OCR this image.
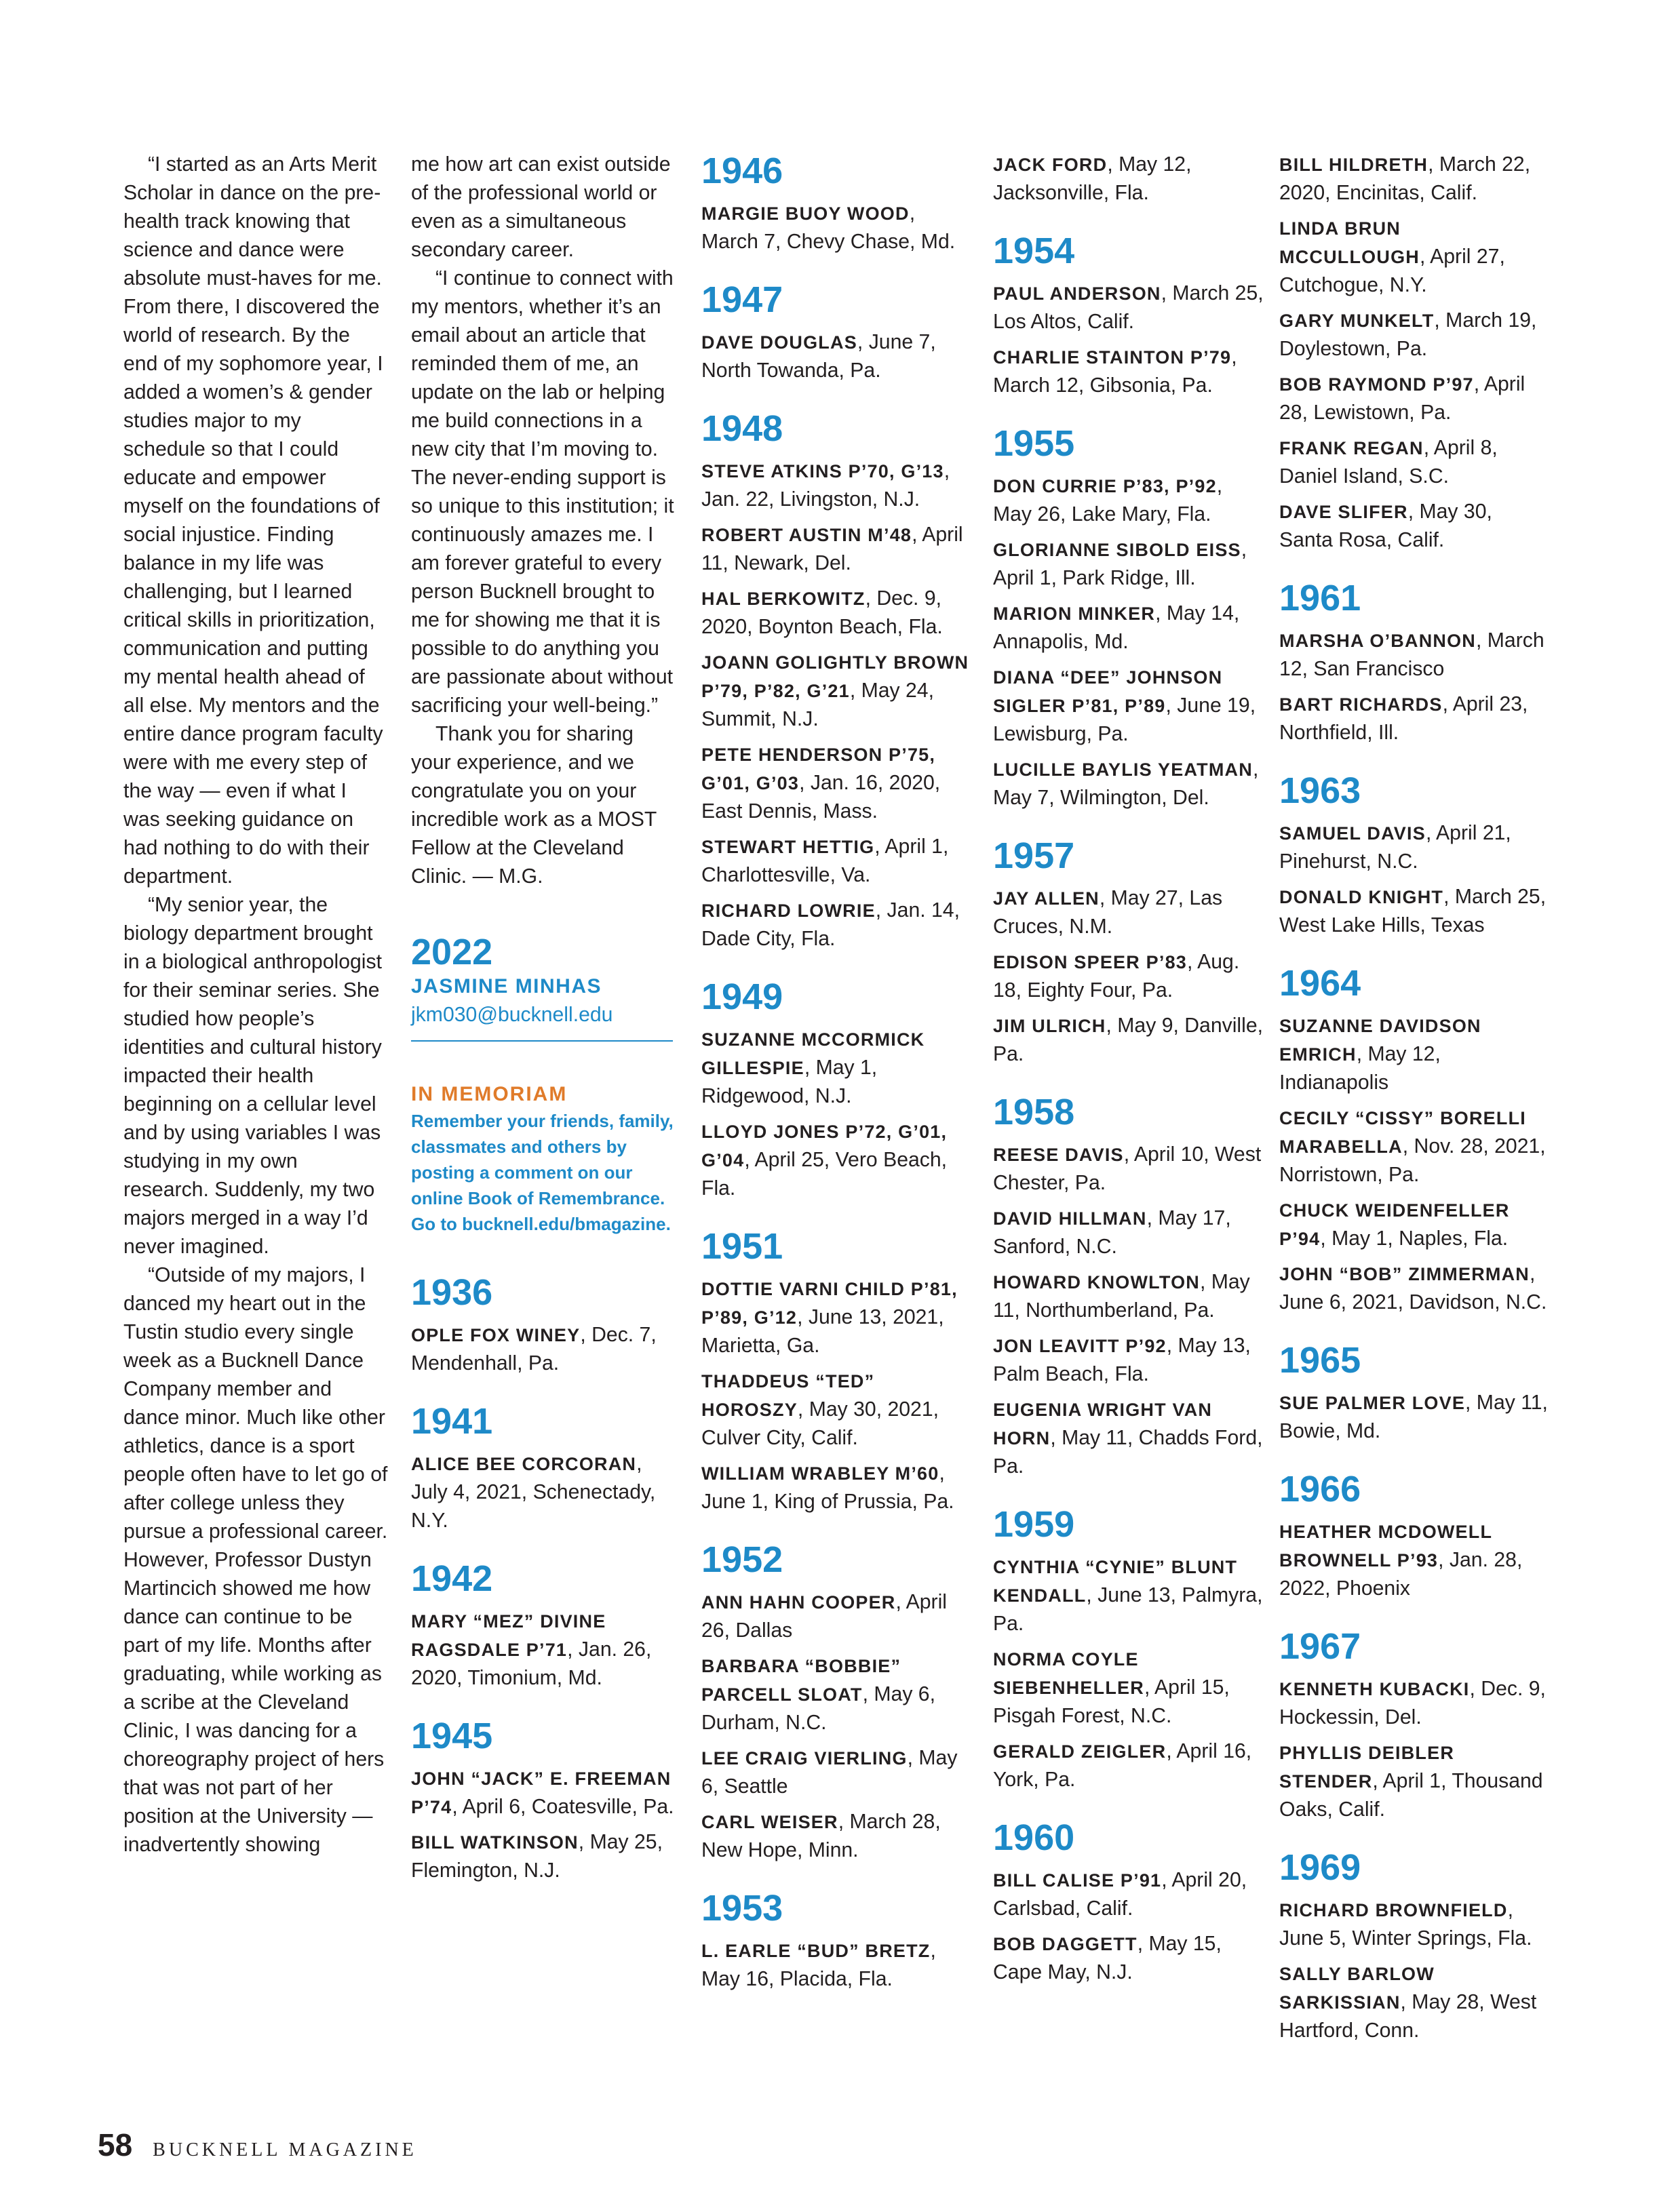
“I started as an Arts Merit Scholar in dance on the pre-health track knowing that science and dance were absolute must-haves for me. From there, I discovered the world of research. By the end of my sophomore year, I added a women’s & gender studies major to my schedule so that I could educate and empower myself on the foundations of social injustice. Finding balance in my life was challenging, but I learned critical skills in prioritization, communication and putting my mental health ahead of all else. My mentors and the entire dance program faculty were with me every step of the way — even if what I was seeking guidance on had nothing to do with their department.

“My senior year, the biology department brought in a biological anthropologist for their seminar series. She studied how people’s identities and cultural history impacted their health beginning on a cellular level and by using variables I was studying in my own research. Suddenly, my two majors merged in a way I’d never imagined.

“Outside of my majors, I danced my heart out in the Tustin studio every single week as a Bucknell Dance Company member and dance minor. Much like other athletics, dance is a sport people often have to let go of after college unless they pursue a professional career. However, Professor Dustyn Martincich showed me how dance can continue to be part of my life. Months after graduating, while working as a scribe at the Cleveland Clinic, I was dancing for a choreography project of hers that was not part of her position at the University — inadvertently showing

me how art can exist outside of the professional world or even as a simultaneous secondary career.

“I continue to connect with my mentors, whether it’s an email about an article that reminded them of me, an update on the lab or helping me build connections in a new city that I’m moving to. The never-ending support is so unique to this institution; it continuously amazes me. I am forever grateful to every person Bucknell brought to me for showing me that it is possible to do anything you are passionate about without sacrificing your well-being.”

Thank you for sharing your experience, and we congratulate you on your incredible work as a MOST Fellow at the Cleveland Clinic. — M.G.

2022
JASMINE MINHAS
jkm030@bucknell.edu
IN MEMORIAM
Remember your friends, family, classmates and others by posting a comment on our online Book of Remembrance. Go to bucknell.edu/bmagazine.
1936
OPLE FOX WINEY, Dec. 7, Mendenhall, Pa.
1941
ALICE BEE CORCORAN, July 4, 2021, Schenectady, N.Y.
1942
MARY “MEZ” DIVINE RAGSDALE P’71, Jan. 26, 2020, Timonium, Md.
1945
JOHN “JACK” E. FREEMAN P’74, April 6, Coatesville, Pa.
BILL WATKINSON, May 25, Flemington, N.J.
1946
MARGIE BUOY WOOD, March 7, Chevy Chase, Md.
1947
DAVE DOUGLAS, June 7, North Towanda, Pa.
1948
STEVE ATKINS P’70, G’13, Jan. 22, Livingston, N.J.
ROBERT AUSTIN M’48, April 11, Newark, Del.
HAL BERKOWITZ, Dec. 9, 2020, Boynton Beach, Fla.
JOANN GOLIGHTLY BROWN P’79, P’82, G’21, May 24, Summit, N.J.
PETE HENDERSON P’75, G’01, G’03, Jan. 16, 2020, East Dennis, Mass.
STEWART HETTIG, April 1, Charlottesville, Va.
RICHARD LOWRIE, Jan. 14, Dade City, Fla.
1949
SUZANNE MCCORMICK GILLESPIE, May 1, Ridgewood, N.J.
LLOYD JONES P’72, G’01, G’04, April 25, Vero Beach, Fla.
1951
DOTTIE VARNI CHILD P’81, P’89, G’12, June 13, 2021, Marietta, Ga.
THADDEUS “TED” HOROSZY, May 30, 2021, Culver City, Calif.
WILLIAM WRABLEY M’60, June 1, King of Prussia, Pa.
1952
ANN HAHN COOPER, April 26, Dallas
BARBARA “BOBBIE” PARCELL SLOAT, May 6, Durham, N.C.
LEE CRAIG VIERLING, May 6, Seattle
CARL WEISER, March 28, New Hope, Minn.
1953
L. EARLE “BUD” BRETZ, May 16, Placida, Fla.
JACK FORD, May 12, Jacksonville, Fla.
1954
PAUL ANDERSON, March 25, Los Altos, Calif.
CHARLIE STAINTON P’79, March 12, Gibsonia, Pa.
1955
DON CURRIE P’83, P’92, May 26, Lake Mary, Fla.
GLORIANNE SIBOLD EISS, April 1, Park Ridge, Ill.
MARION MINKER, May 14, Annapolis, Md.
DIANA “DEE” JOHNSON SIGLER P’81, P’89, June 19, Lewisburg, Pa.
LUCILLE BAYLIS YEATMAN, May 7, Wilmington, Del.
1957
JAY ALLEN, May 27, Las Cruces, N.M.
EDISON SPEER P’83, Aug. 18, Eighty Four, Pa.
JIM ULRICH, May 9, Danville, Pa.
1958
REESE DAVIS, April 10, West Chester, Pa.
DAVID HILLMAN, May 17, Sanford, N.C.
HOWARD KNOWLTON, May 11, Northumberland, Pa.
JON LEAVITT P’92, May 13, Palm Beach, Fla.
EUGENIA WRIGHT VAN HORN, May 11, Chadds Ford, Pa.
1959
CYNTHIA “CYNIE” BLUNT KENDALL, June 13, Palmyra, Pa.
NORMA COYLE SIEBENHELLER, April 15, Pisgah Forest, N.C.
GERALD ZEIGLER, April 16, York, Pa.
1960
BILL CALISE P’91, April 20, Carlsbad, Calif.
BOB DAGGETT, May 15, Cape May, N.J.
BILL HILDRETH, March 22, 2020, Encinitas, Calif.
LINDA BRUN MCCULLOUGH, April 27, Cutchogue, N.Y.
GARY MUNKELT, March 19, Doylestown, Pa.
BOB RAYMOND P’97, April 28, Lewistown, Pa.
FRANK REGAN, April 8, Daniel Island, S.C.
DAVE SLIFER, May 30, Santa Rosa, Calif.
1961
MARSHA O’BANNON, March 12, San Francisco
BART RICHARDS, April 23, Northfield, Ill.
1963
SAMUEL DAVIS, April 21, Pinehurst, N.C.
DONALD KNIGHT, March 25, West Lake Hills, Texas
1964
SUZANNE DAVIDSON EMRICH, May 12, Indianapolis
CECILY “CISSY” BORELLI MARABELLA, Nov. 28, 2021, Norristown, Pa.
CHUCK WEIDENFELLER P’94, May 1, Naples, Fla.
JOHN “BOB” ZIMMERMAN, June 6, 2021, Davidson, N.C.
1965
SUE PALMER LOVE, May 11, Bowie, Md.
1966
HEATHER MCDOWELL BROWNELL P’93, Jan. 28, 2022, Phoenix
1967
KENNETH KUBACKI, Dec. 9, Hockessin, Del.
PHYLLIS DEIBLER STENDER, April 1, Thousand Oaks, Calif.
1969
RICHARD BROWNFIELD, June 5, Winter Springs, Fla.
SALLY BARLOW SARKISSIAN, May 28, West Hartford, Conn.
58 BUCKNELL MAGAZINE
